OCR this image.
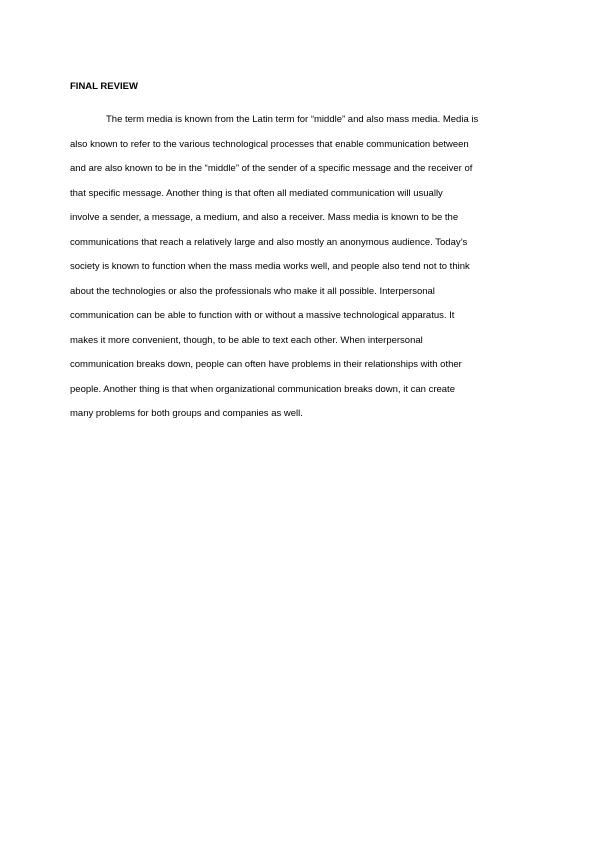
FINAL REVIEW
The term media is known from the Latin term for “middle” and also mass media. Media is
also known to refer to the various technological processes that enable communication between
and are also known to be in the “middle” of the sender of a specific message and the receiver of
that specific message. Another thing is that often all mediated communication will usually
involve a sender, a message, a medium, and also a receiver. Mass media is known to be the
communications that reach a relatively large and also mostly an anonymous audience. Today’s
society is known to function when the mass media works well, and people also tend not to think
about the technologies or also the professionals who make it all possible. Interpersonal
communication can be able to function with or without a massive technological apparatus. It
makes it more convenient, though, to be able to text each other. When interpersonal
communication breaks down, people can often have problems in their relationships with other
people. Another thing is that when organizational communication breaks down, it can create
many problems for both groups and companies as well.
